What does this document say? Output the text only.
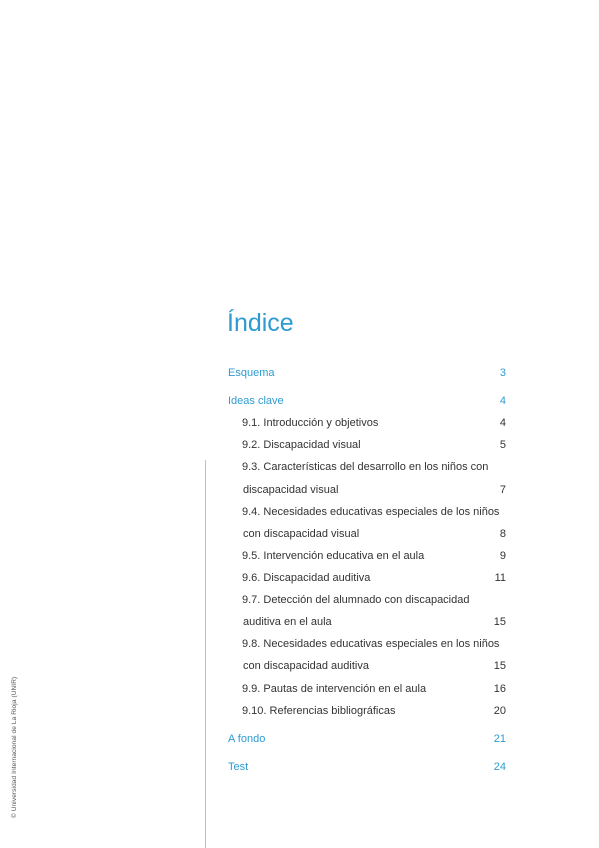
© Universidad Internacional de La Rioja (UNIR)
Índice
Esquema	3
Ideas clave	4
9.1. Introducción y objetivos	4
9.2. Discapacidad visual	5
9.3. Características del desarrollo en los niños con
discapacidad visual	7
9.4. Necesidades educativas especiales de los niños
con discapacidad visual	8
9.5. Intervención educativa en el aula	9
9.6. Discapacidad auditiva	11
9.7. Detección del alumnado con discapacidad
auditiva en el aula	15
9.8. Necesidades educativas especiales en los niños
con discapacidad auditiva	15
9.9. Pautas de intervención en el aula	16
9.10. Referencias bibliográficas	20
A fondo	21
Test	24
